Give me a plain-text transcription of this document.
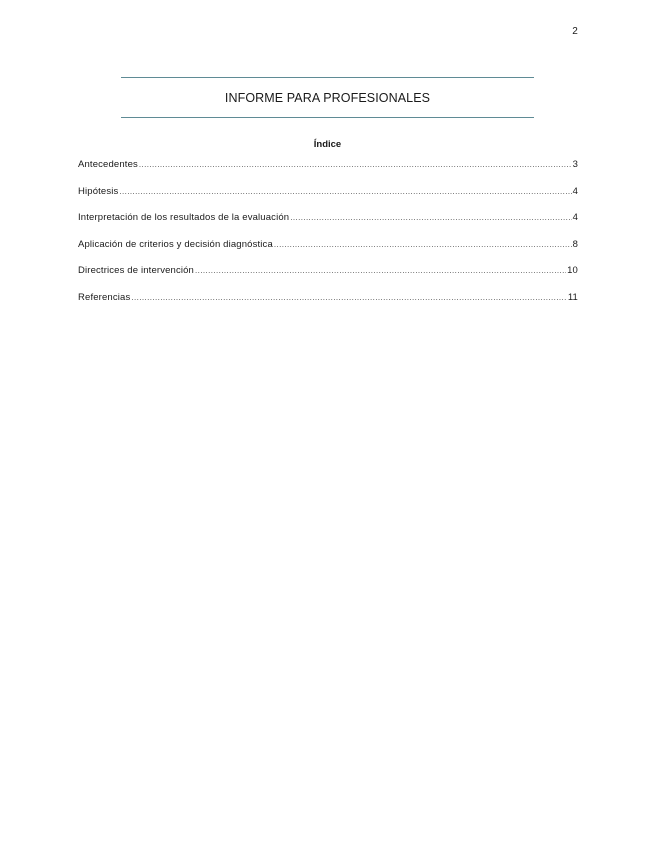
2
INFORME PARA PROFESIONALES
Índice
Antecedentes .....	3
Hipótesis .....	4
Interpretación de los resultados de la evaluación .....	4
Aplicación de criterios y decisión diagnóstica .....	8
Directrices de intervención .....	10
Referencias .....	11
